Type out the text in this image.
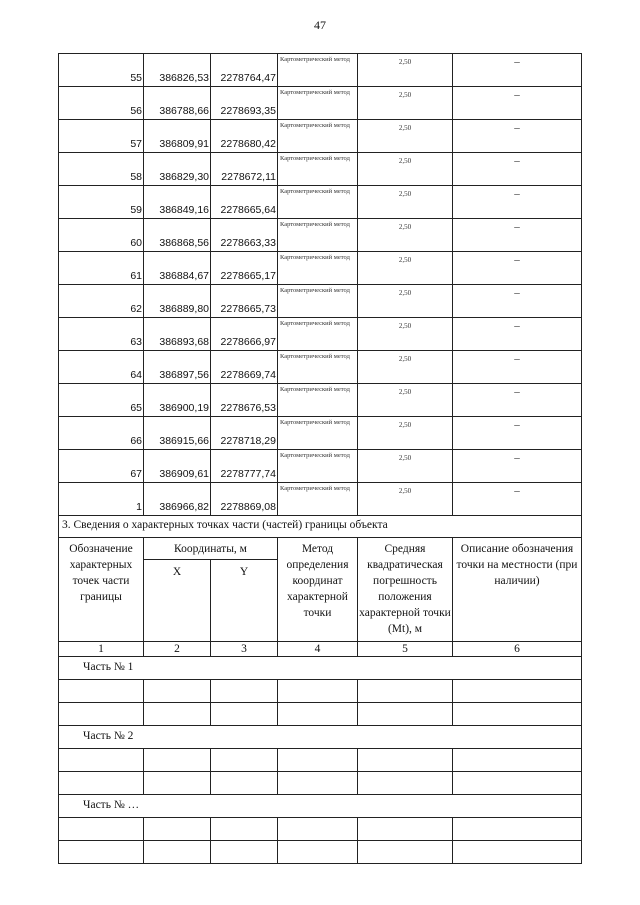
47
55	386826,53	2278764,47	Картометрический метод	2,50	–
56	386788,66	2278693,35	Картометрический метод	2,50	–
57	386809,91	2278680,42	Картометрический метод	2,50	–
58	386829,30	2278672,11	Картометрический метод	2,50	–
59	386849,16	2278665,64	Картометрический метод	2,50	–
60	386868,56	2278663,33	Картометрический метод	2,50	–
61	386884,67	2278665,17	Картометрический метод	2,50	–
62	386889,80	2278665,73	Картометрический метод	2,50	–
63	386893,68	2278666,97	Картометрический метод	2,50	–
64	386897,56	2278669,74	Картометрический метод	2,50	–
65	386900,19	2278676,53	Картометрический метод	2,50	–
66	386915,66	2278718,29	Картометрический метод	2,50	–
67	386909,61	2278777,74	Картометрический метод	2,50	–
1	386966,82	2278869,08	Картометрический метод	2,50	–
3. Сведения о характерных точках части (частей) границы объекта					
Обозначение характерных точек части границы	Координаты, м		Метод определения координат характерной точки	Средняя квадратическая погрешность положения характерной точки (Mt), м	Описание обозначения точки на местности (при наличии)
	X	Y			
1	2	3	4	5	6
Часть № 1					

Часть № 2					

Часть № …					
